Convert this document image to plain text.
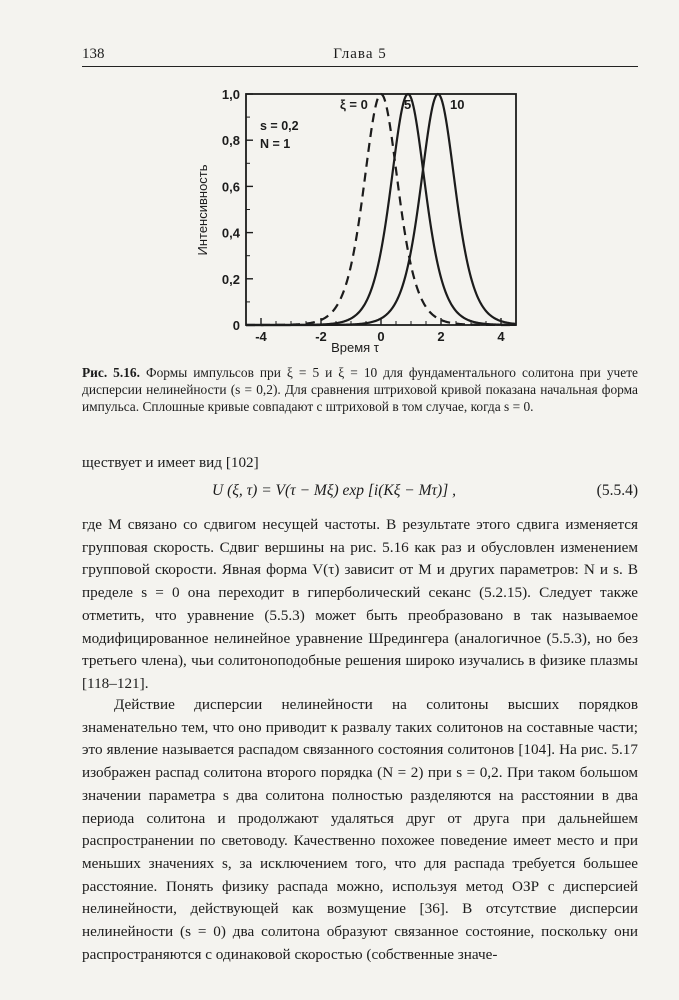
138	Глава 5
-4	-2	0	2	4
0
0,2
0,4
0,6
0,8
1,0
Интенсивность
Время τ
s = 0,2
N = 1
ξ = 0	5	10
Рис. 5.16. Формы импульсов при ξ = 5 и ξ = 10 для фундаментального солитона при учете дисперсии нелинейности (s = 0,2). Для сравнения штриховой кривой показана начальная форма импульса. Сплошные кривые совпадают с штриховой в том случае, когда s = 0.
ществует и имеет вид [102]
U (ξ, τ) = V(τ − Mξ) exp [i(Kξ − Mτ)] ,	(5.5.4)
где M связано со сдвигом несущей частоты. В результате этого сдвига изменяется групповая скорость. Сдвиг вершины на рис. 5.16 как раз и обусловлен изменением групповой скорости. Явная форма V(τ) зависит от M и других параметров: N и s. В пределе s = 0 она переходит в гиперболический секанс (5.2.15). Следует также отметить, что уравнение (5.5.3) может быть преобразовано в так называемое модифицированное нелинейное уравнение Шредингера (аналогичное (5.5.3), но без третьего члена), чьи солитоноподобные решения широко изучались в физике плазмы [118–121].
Действие дисперсии нелинейности на солитоны высших порядков знаменательно тем, что оно приводит к развалу таких солитонов на составные части; это явление называется распадом связанного состояния солитонов [104]. На рис. 5.17 изображен распад солитона второго порядка (N = 2) при s = 0,2. При таком большом значении параметра s два солитона полностью разделяются на расстоянии в два периода солитона и продолжают удаляться друг от друга при дальнейшем распространении по световоду. Качественно похожее поведение имеет место и при меньших значениях s, за исключением того, что для распада требуется большее расстояние. Понять физику распада можно, используя метод ОЗР с дисперсией нелинейности, действующей как возмущение [36]. В отсутствие дисперсии нелинейности (s = 0) два солитона образуют связанное состояние, поскольку они распространяются с одинаковой скоростью (собственные значе-
